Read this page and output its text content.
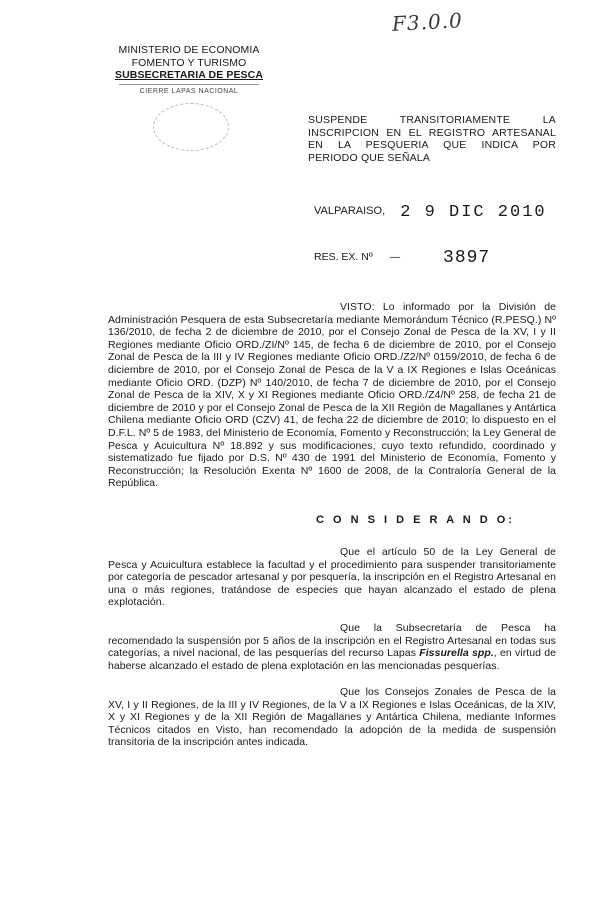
F3.0.0
MINISTERIO DE ECONOMIA
FOMENTO Y TURISMO
SUBSECRETARIA DE PESCA
CIERRE LAPAS NACIONAL
SUSPENDE TRANSITORIAMENTE LA
INSCRIPCION EN EL REGISTRO ARTESANAL
EN LA PESQUERIA QUE INDICA POR
PERIODO QUE SEÑALA
VALPARAISO, 2 9 DIC 2010
RES. EX. Nº — 3897

VISTO: Lo informado por la División de Administración Pesquera de esta Subsecretaría mediante Memorándum Técnico (R.PESQ.) Nº 136/2010, de fecha 2 de diciembre de 2010, por el Consejo Zonal de Pesca de la XV, I y II Regiones mediante Oficio ORD./ZI/Nº 145, de fecha 6 de diciembre de 2010, por el Consejo Zonal de Pesca de la III y IV Regiones mediante Oficio ORD./Z2/Nº 0159/2010, de fecha 6 de diciembre de 2010, por el Consejo Zonal de Pesca de la V a IX Regiones e Islas Oceánicas mediante Oficio ORD. (DZP) Nº 140/2010, de fecha 7 de diciembre de 2010, por el Consejo Zonal de Pesca de la XIV, X y XI Regiones mediante Oficio ORD./Z4/Nº 258, de fecha 21 de diciembre de 2010 y por el Consejo Zonal de Pesca de la XII Región de Magallanes y Antártica Chilena mediante Oficio ORD (CZV) 41, de fecha 22 de diciembre de 2010; lo dispuesto en el D.F.L. Nº 5 de 1983, del Ministerio de Economía, Fomento y Reconstrucción; la Ley General de Pesca y Acuicultura Nº 18.892 y sus modificaciones, cuyo texto refundido, coordinado y sistematizado fue fijado por D.S. Nº 430 de 1991 del Ministerio de Economía, Fomento y Reconstrucción; la Resolución Exenta Nº 1600 de 2008, de la Contraloría General de la República.

C O N S I D E R A N D O:

Que el artículo 50 de la Ley General de Pesca y Acuicultura establece la facultad y el procedimiento para suspender transitoriamente por categoría de pescador artesanal y por pesquería, la inscripción en el Registro Artesanal en una o más regiones, tratándose de especies que hayan alcanzado el estado de plena explotación.

Que la Subsecretaría de Pesca ha recomendado la suspensión por 5 años de la inscripción en el Registro Artesanal en todas sus categorías, a nivel nacional, de las pesquerías del recurso Lapas Fissurella spp., en virtud de haberse alcanzado el estado de plena explotación en las mencionadas pesquerías.

Que los Consejos Zonales de Pesca de la XV, I y II Regiones, de la III y IV Regiones, de la V a IX Regiones e Islas Oceánicas, de la XIV, X y XI Regiones y de la XII Región de Magallanes y Antártica Chilena, mediante Informes Técnicos citados en Visto, han recomendado la adopción de la medida de suspensión transitoria de la inscripción antes indicada.
